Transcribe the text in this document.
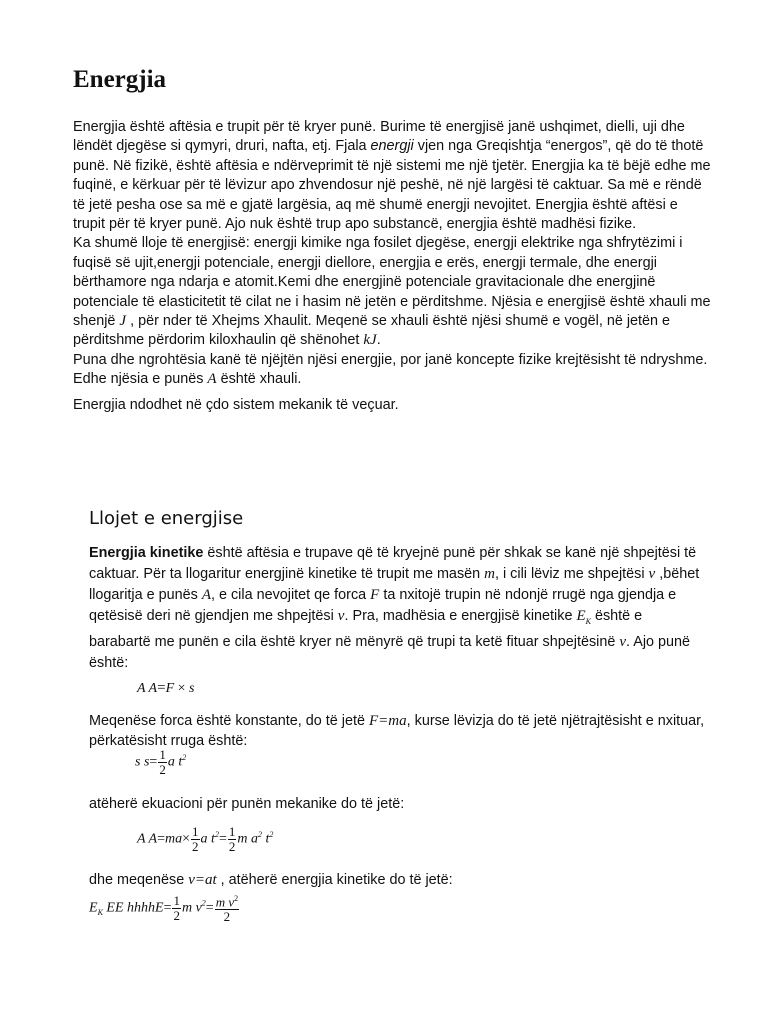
Energjia

Energjia është aftësia e trupit për të kryer punë. Burime të energjisë janë ushqimet, dielli, uji dhe lëndët djegëse si qymyri, druri, nafta, etj. Fjala energji vjen nga Greqishtja “energos”, që do të thotë punë. Në fizikë, është aftësia e ndërveprimit të një sistemi me një tjetër. Energjia ka të bëjë edhe me fuqinë, e kërkuar për të lëvizur apo zhvendosur një peshë, në një largësi të caktuar. Sa më e rëndë të jetë pesha ose sa më e gjatë largësia, aq më shumë energji nevojitet. Energjia është aftësi e trupit për të kryer punë. Ajo nuk është trup apo substancë, energjia është madhësi fizike.

Ka shumë lloje të energjisë: energji kimike nga fosilet djegëse, energji elektrike nga shfrytëzimi i fuqisë së ujit,energji potenciale, energji diellore, energjia e erës, energji termale, dhe energji bërthamore nga ndarja e atomit.Kemi dhe energjinë potenciale gravitacionale dhe energjinë potenciale të elasticitetit të cilat ne i hasim në jetën e përditshme. Njësia e energjisë është xhauli me shenjë J , për nder të Xhejms Xhaulit. Meqenë se xhauli është njësi shumë e vogël, në jetën e përditshme përdorim kiloxhaulin që shënohet kJ.

Puna dhe ngrohtësia kanë të njëjtën njësi energjie, por janë koncepte fizike krejtësisht të ndryshme. Edhe njësia e punës A është xhauli.

Energjia ndodhet në çdo sistem mekanik të veçuar.

Llojet e energjise

Energjia kinetike është aftësia e trupave që të kryejnë punë për shkak se kanë një shpejtësi të caktuar. Për ta llogaritur energjinë kinetike të trupit me masën m, i cili lëviz me shpejtësi v ,bëhet llogaritja e punës A, e cila nevojitet qe forca F ta nxitojë trupin në ndonjë rrugë nga gjendja e qetësisë deri në gjendjen me shpejtësi v. Pra, madhësia e energjisë kinetike $E_K$ është e barabartë me punën e cila është kryer në mënyrë që trupi ta ketë fituar shpejtësinë v. Ajo punë është:

A A=F × s
Meqenëse forca është konstante, do të jetë F=ma, kurse lëvizja do të jetë njëtrajtësisht e nxituar, përkatësisht rruga është:
s $s= \frac{1}{2}$ a $t^2$
atëherë ekuacioni për punën mekanike do të jetë:
A $A=ma\times \frac{1}{2}$ a $t^2= \frac{1}{2}$ m $a^2$ $t^2$
dhe meqenëse v=at , atëherë energjia kinetike do të jetë:
$E_K$ EE hhhhE= $\frac{1}{2}$ m $v^2= \frac{m v^2}{2}$
